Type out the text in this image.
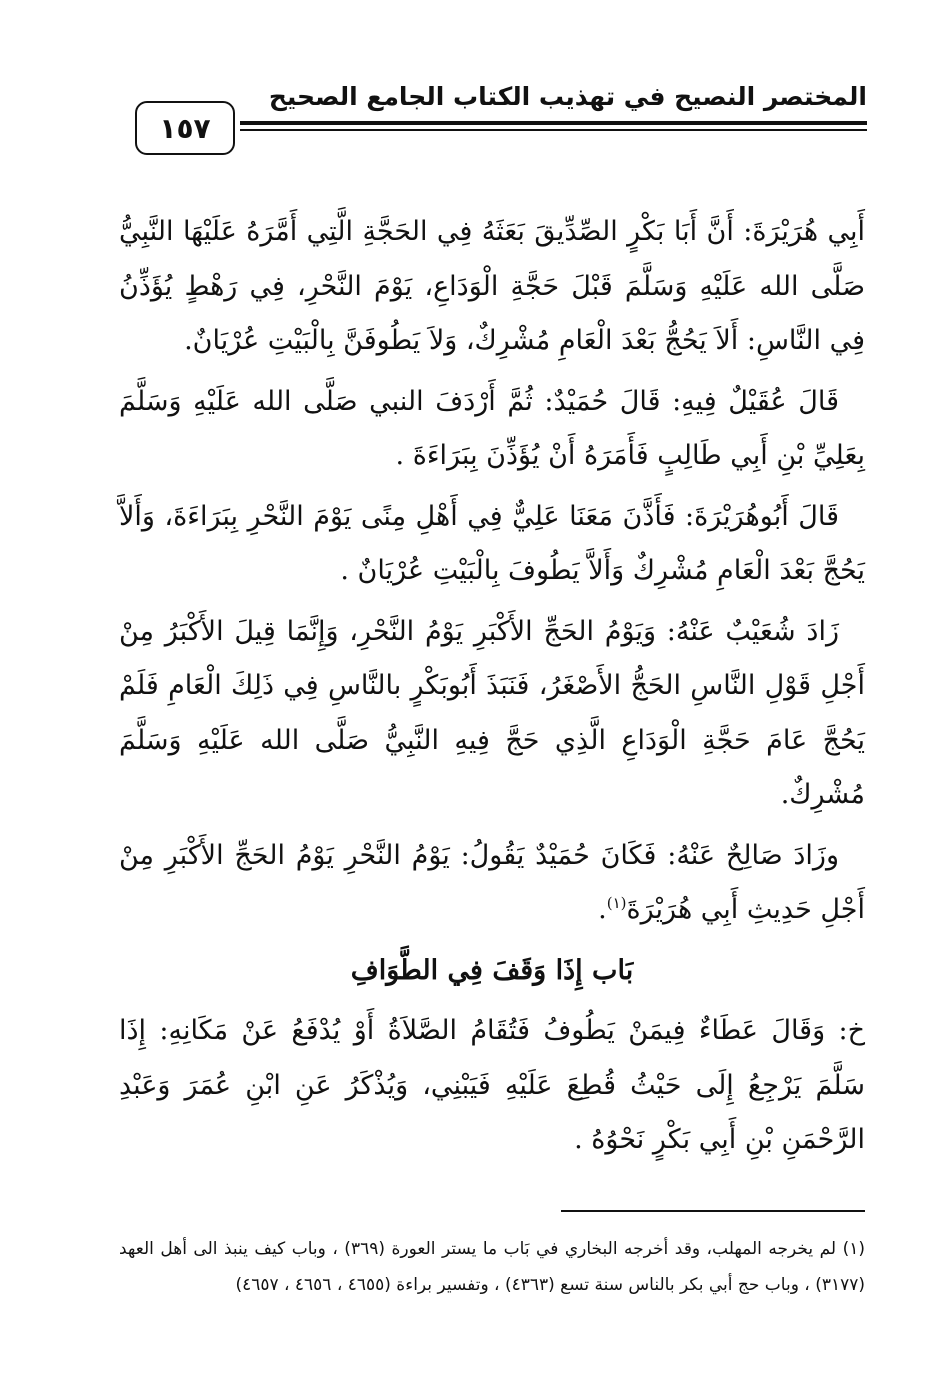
المختصر النصيح في تهذيب الكتاب الجامع الصحيح
١٥٧

أَبِي هُرَيْرَةَ: أَنَّ أَبَا بَكْرٍ الصِّدِّيقَ بَعَثَهُ فِي الحَجَّةِ الَّتِي أَمَّرَهُ عَلَيْهَا النَّبِيُّ صَلَّى الله عَلَيْهِ وَسَلَّمَ قَبْلَ حَجَّةِ الْوَدَاعِ، يَوْمَ النَّحْرِ، فِي رَهْطٍ يُؤَذِّنُ فِي النَّاسِ: أَلاَ يَحُجُّ بَعْدَ الْعَامِ مُشْرِكٌ، وَلاَ يَطُوفَنَّ بِالْبَيْتِ عُرْيَانٌ.

قَالَ عُقَيْلٌ فِيهِ: قَالَ حُمَيْدٌ: ثُمَّ أَرْدَفَ النبي صَلَّى الله عَلَيْهِ وَسَلَّمَ بِعَلِيِّ بْنِ أَبِي طَالِبٍ فَأَمَرَهُ أَنْ يُؤَذِّنَ بِبَرَاءَةَ .

قَالَ أَبُوهُرَيْرَةَ: فَأَذَّنَ مَعَنَا عَلِيٌّ فِي أَهْلِ مِنًى يَوْمَ النَّحْرِ بِبَرَاءَةَ، وَأَلاَّ يَحُجَّ بَعْدَ الْعَامِ مُشْرِكٌ وَأَلاَّ يَطُوفَ بِالْبَيْتِ عُرْيَانٌ .

زَادَ شُعَيْبٌ عَنْهُ: وَيَوْمُ الحَجِّ الأَكْبَرِ يَوْمُ النَّحْرِ، وَإِنَّمَا قِيلَ الأَكْبَرُ مِنْ أَجْلِ قَوْلِ النَّاسِ الحَجُّ الأَصْغَرُ، فَنَبَذَ أَبُوبَكْرٍ بالنَّاسِ فِي ذَلِكَ الْعَامِ فَلَمْ يَحُجَّ عَامَ حَجَّةِ الْوَدَاعِ الَّذِي حَجَّ فِيهِ النَّبِيُّ صَلَّى الله عَلَيْهِ وَسَلَّمَ مُشْرِكٌ.

وزَادَ صَالِحٌ عَنْهُ: فَكَانَ حُمَيْدٌ يَقُولُ: يَوْمُ النَّحْرِ يَوْمُ الحَجِّ الأَكْبَرِ مِنْ أَجْلِ حَدِيثِ أَبِي هُرَيْرَةَ$^{(١)}$.

بَاب إِذَا وَقَفَ فِي الطَّوَافِ

خ: وَقَالَ عَطَاءٌ فِيمَنْ يَطُوفُ فَتُقَامُ الصَّلاَةُ أَوْ يُدْفَعُ عَنْ مَكَانِهِ: إِذَا سَلَّمَ يَرْجِعُ إِلَى حَيْثُ قُطِعَ عَلَيْهِ فَيَبْنِي، وَيُذْكَرُ عَنِ ابْنِ عُمَرَ وَعَبْدِ الرَّحْمَنِ بْنِ أَبِي بَكْرٍ نَحْوُهُ .

(١) لم يخرجه المهلب، وقد أخرجه البخاري في بَاب ما يستر العورة (٣٦٩) ، وباب كيف ينبذ الى أهل العهد (٣١٧٧) ، وباب حج أبي بكر بالناس سنة تسع (٤٣٦٣) ، وتفسير براءة (٤٦٥٥ ، ٤٦٥٦ ، ٤٦٥٧)
